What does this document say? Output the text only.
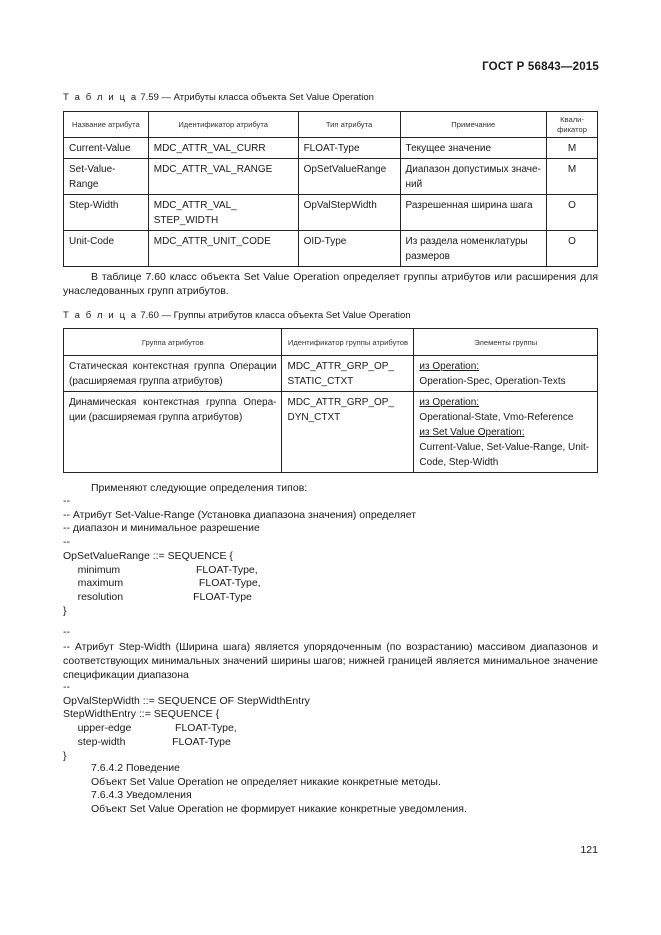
ГОСТ Р 56843—2015
Т а б л и ц а 7.59 — Атрибуты класса объекта Set Value Operation
Название атрибута	Идентификатор атрибута	Тип атрибута	Примечание	Квали-фикатор
Current-Value	MDC_ATTR_VAL_CURR	FLOAT-Type	Текущее значение	M
Set-Value-Range	MDC_ATTR_VAL_RANGE	OpSetValueRange	Диапазон допустимых значе-ний	M
Step-Width	MDC_ATTR_VAL_ STEP_WIDTH	OpValStepWidth	Разрешенная ширина шага	O
Unit-Code	MDC_ATTR_UNIT_CODE	OID-Type	Из раздела номенклатуры размеров	O
В таблице 7.60 класс объекта Set Value Operation определяет группы атрибутов или расширения для унаследованных групп атрибутов.
Т а б л и ц а 7.60 — Группы атрибутов класса объекта Set Value Operation
Группа атрибутов	Идентификатор группы атрибутов	Элементы группы
Статическая контекстная группа Операции (расширяемая группа атрибутов)	MDC_ATTR_GRP_OP_ STATIC_CTXT	из Operation:
Operation-Spec, Operation-Texts

Динамическая контекстная группа Опера-ции (расширяемая группа атрибутов)	MDC_ATTR_GRP_OP_ DYN_CTXT	из Operation:
Operational-State, Vmo-Reference
из Set Value Operation:
Current-Value, Set-Value-Range, Unit-Code, Step-Width
Применяют следующие определения типов:
--
-- Атрибут Set-Value-Range (Установка диапазона значения) определяет
-- диапазон и минимальное разрешение
--
OpSetValueRange ::= SEQUENCE {
minimum                          FLOAT-Type,
maximum                          FLOAT-Type,
resolution                        FLOAT-Type
}
--
-- Атрибут Step-Width (Ширина шага) является упорядоченным (по возрастанию) массивом диапазонов и соответствующих минимальных значений ширины шагов; нижней границей является минимальное значение спецификации диапазона
--
OpValStepWidth ::= SEQUENCE OF StepWidthEntry
StepWidthEntry ::= SEQUENCE {
upper-edge               FLOAT-Type,
step-width                FLOAT-Type
}
7.6.4.2 Поведение
Объект Set Value Operation не определяет никакие конкретные методы.
7.6.4.3 Уведомления
Объект Set Value Operation не формирует никакие конкретные уведомления.
121
